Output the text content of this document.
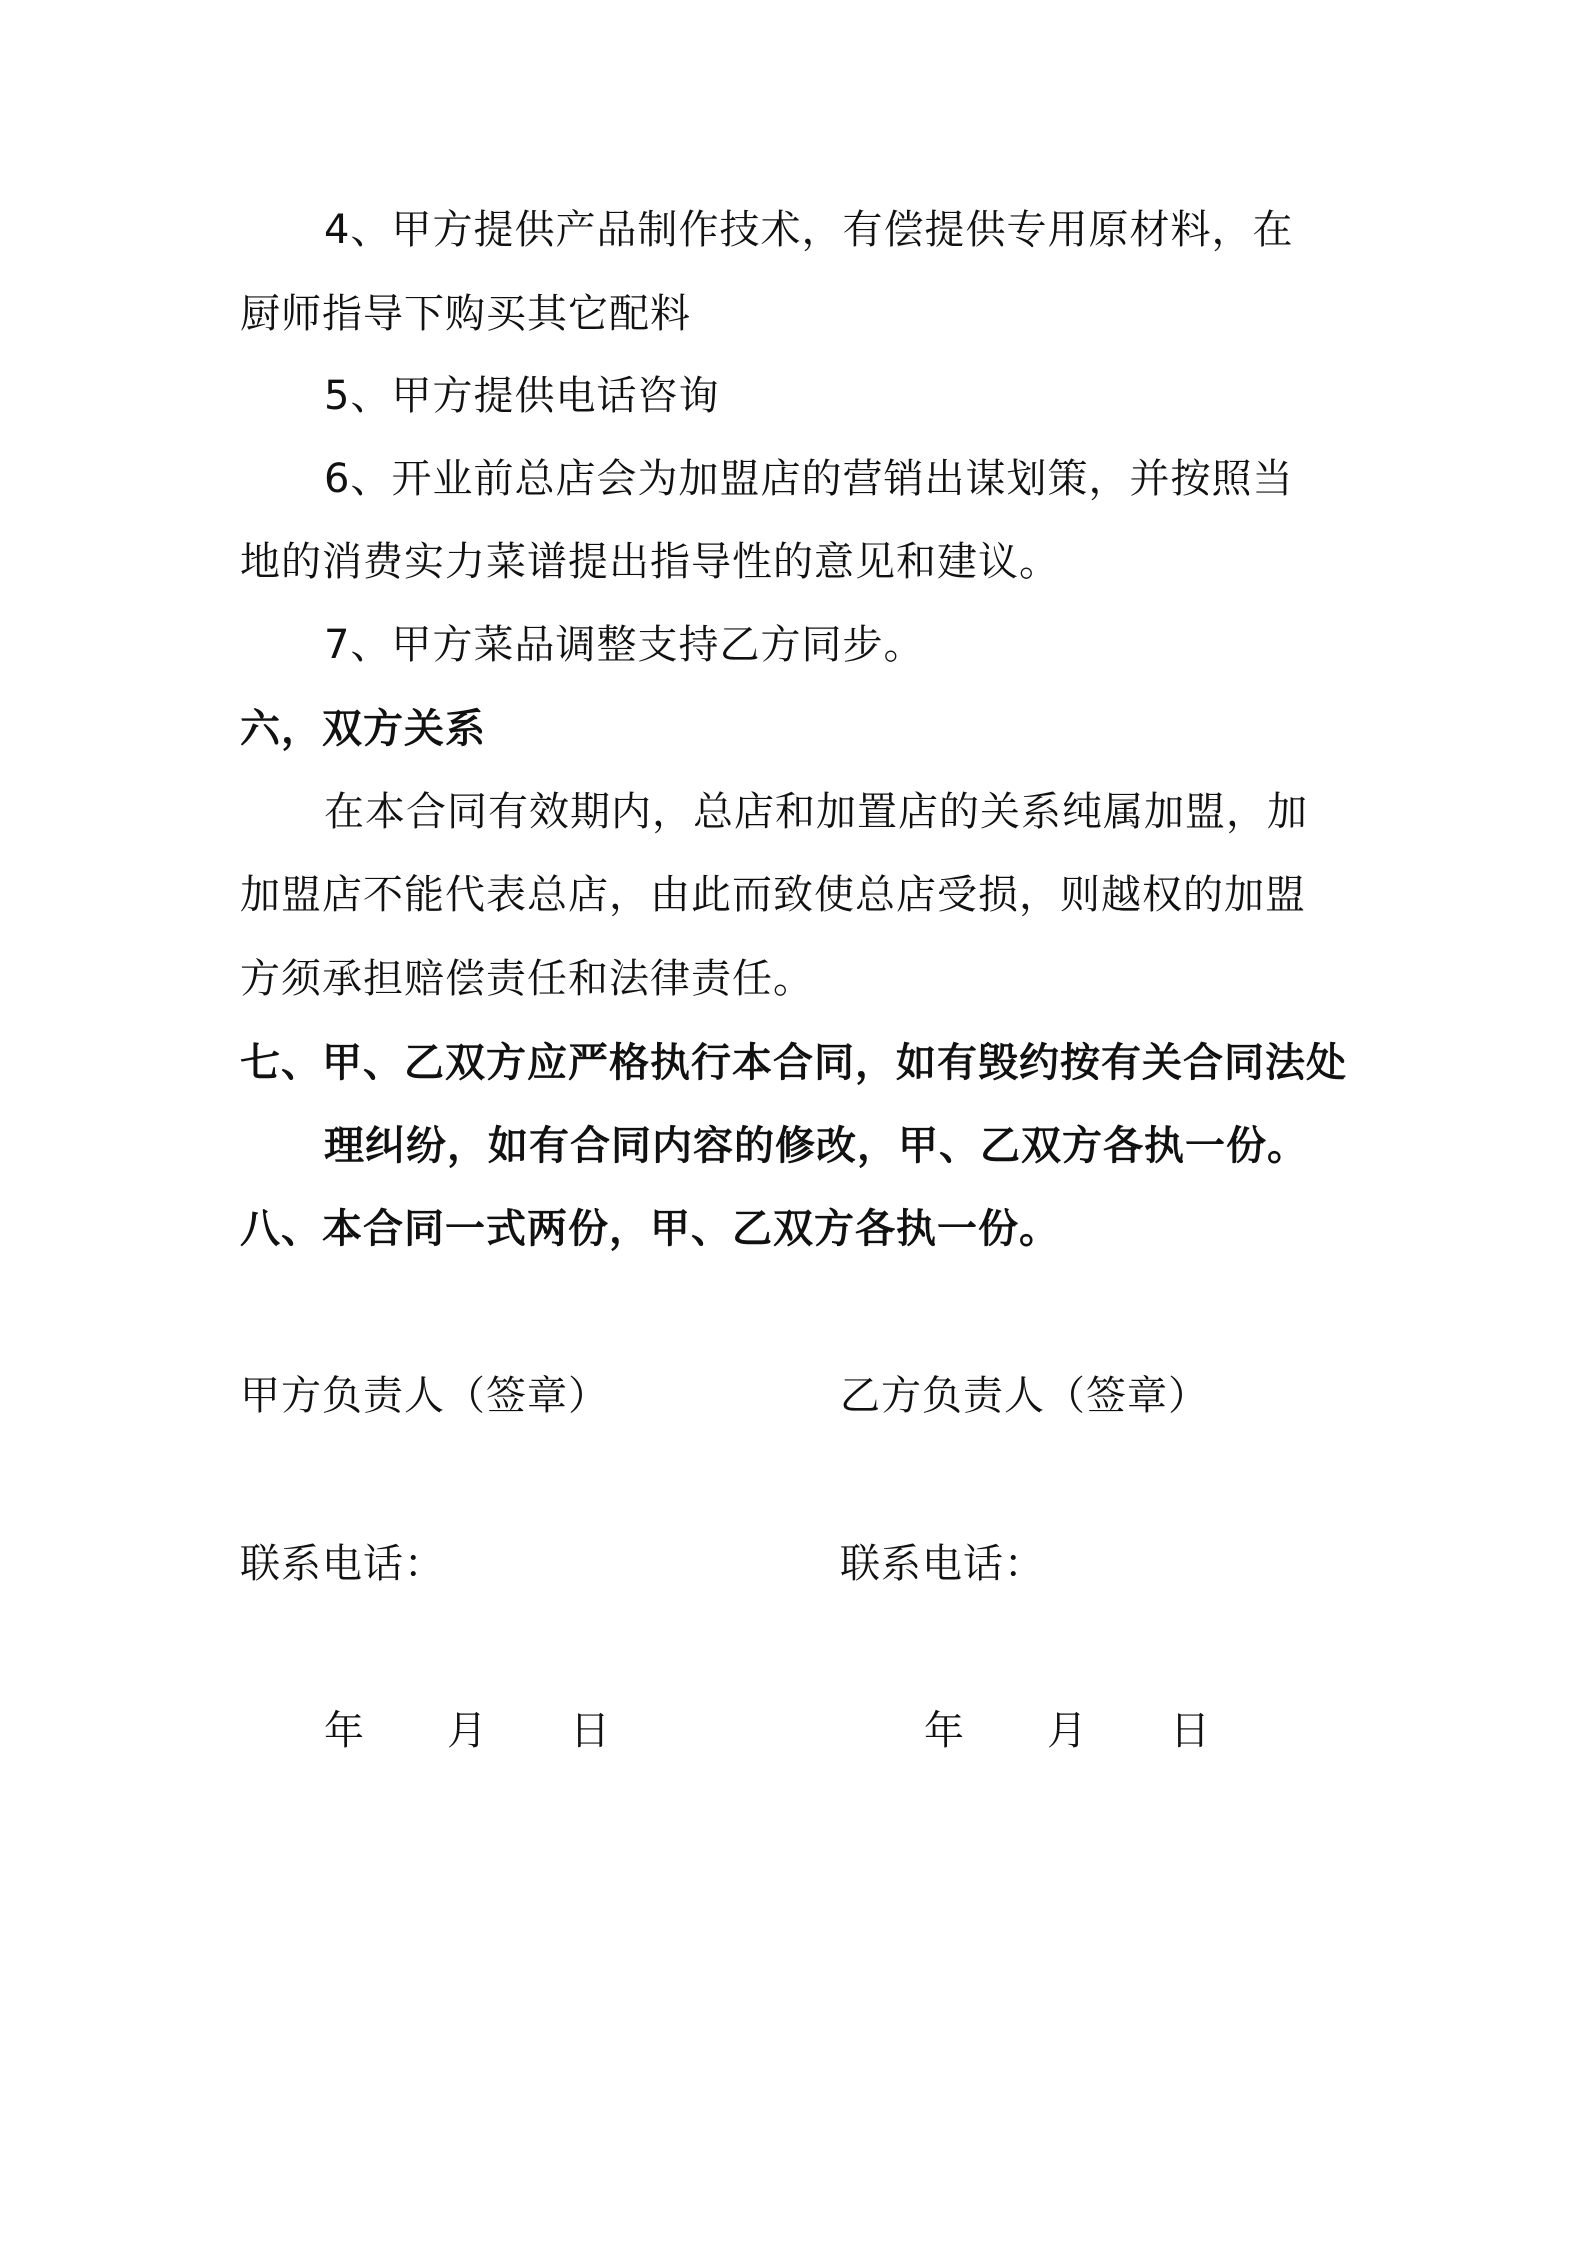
4、甲方提供产品制作技术，有偿提供专用原材料，在
厨师指导下购买其它配料
5、甲方提供电话咨询
6、开业前总店会为加盟店的营销出谋划策，并按照当
地的消费实力菜谱提出指导性的意见和建议。
7、甲方菜品调整支持乙方同步。
六，双方关系
在本合同有效期内，总店和加置店的关系纯属加盟，加
加盟店不能代表总店，由此而致使总店受损，则越权的加盟
方须承担赔偿责任和法律责任。
七、甲、乙双方应严格执行本合同，如有毁约按有关合同法处
理纠纷，如有合同内容的修改，甲、乙双方各执一份。
八、本合同一式两份，甲、乙双方各执一份。
甲方负责人（签章）	乙方负责人（签章）
联系电话：	联系电话：
年　　月　　日	年　　月　　日
